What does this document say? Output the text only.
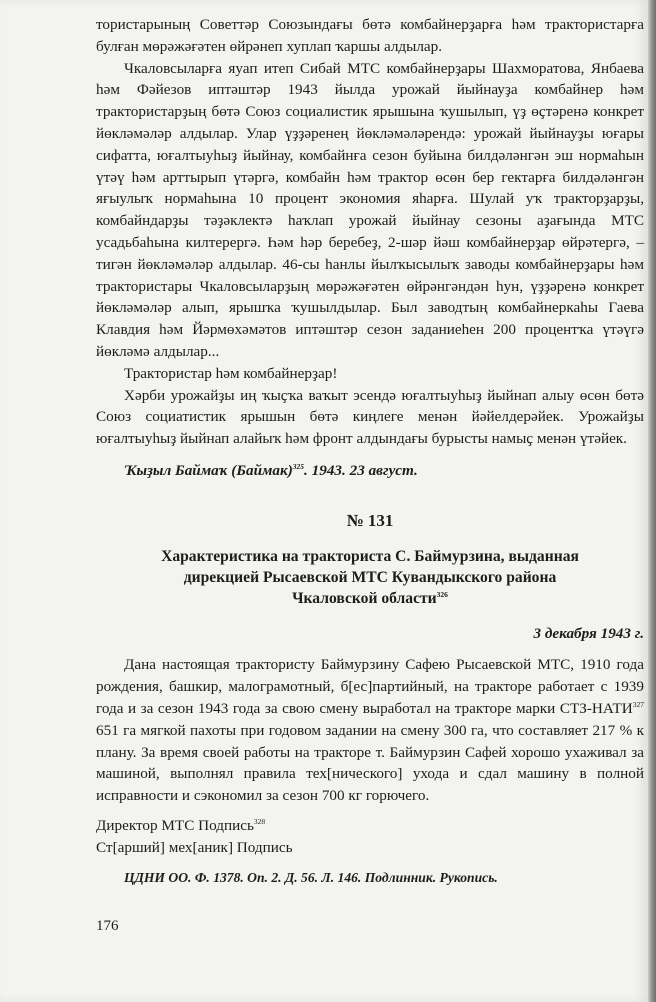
тористарының Советтәр Союзындағы бөтә комбайнерҙарға һәм трактористарға булған мөрәжәғәтен өйрәнеп хуплап ҡаршы алдылар.

Чкаловсыларға яуап итеп Сибай МТС комбайнерҙары Шахморатова, Янбаева һәм Фәйезов иптәштәр 1943 йылда урожай йыйнауҙа комбайнер һәм трактористарҙың бөтә Союз социалистик ярышына ҡушылып, үҙ өҫтәренә конкрет йөкләмәләр алдылар. Улар үҙҙәренең йөкләмәләрендә: урожай йыйнауҙы юғары сифатта, юғалтыуһыҙ йыйнау, комбайнға сезон буйына билдәләнгән эш нормаһын үтәү һәм арттырып үтәргә, комбайн һәм трактор өсөн бер гектарға билдәләнгән яғыулыҡ нормаһына 10 процент экономия яһарға. Шулай уҡ тракторҙарҙы, комбайндарҙы тәҙәклектә һаҡлап урожай йыйнау сезоны аҙағында МТС усадьбаһына килтерергә. Һәм һәр беребеҙ, 2-шәр йәш комбайнерҙар өйрәтергә, – тигән йөкләмәләр алдылар. 46-сы һанлы йылҡысылыҡ заводы комбайнерҙары һәм трактористары Чкаловсыларҙың мөрәжәғәтен өйрәнгәндән һун, үҙҙәренә конкрет йөкләмәләр алып, ярышҡа ҡушылдылар. Был заводтың комбайнеркаһы Гаева Клавдия һәм Йәрмөхәмәтов иптәштәр сезон заданиеhен 200 процентҡа үтәүгә йөкләмә алдылар...

Трактористар һәм комбайнерҙар!

Хәрби урожайҙы иң ҡыҫҡа ваҡыт эсендә юғалтыуһыҙ йыйнап алыу өсөн бөтә Союз социатистик ярышын бөтә киңлеге менән йәйелдерәйек. Урожайҙы юғалтыуһыҙ йыйнап алайыҡ һәм фронт алдындағы бурысты намыҫ менән үтәйек.

Ҡыҙыл Баймаҡ (Баймак)$^{325}$. 1943. 23 август.

№ 131
Характеристика на тракториста С. Баймурзина, выданная
дирекцией Рысаевской МТС Кувандыкского района
Чкаловской области$^{326}$
3 декабря 1943 г.

Дана настоящая трактористу Баймурзину Сафею Рысаевской МТС, 1910 года рождения, башкир, малограмотный, б[ес]партийный, на тракторе работает с 1939 года и за сезон 1943 года за свою смену выработал на тракторе марки СТЗ-НАТИ$^{327}$ 651 га мягкой пахоты при годовом задании на смену 300 га, что составляет 217 % к плану. За время своей работы на тракторе т. Баймурзин Сафей хорошо ухаживал за машиной, выполнял правила тех[нического] ухода и сдал машину в полной исправности и сэкономил за сезон 700 кг горючего.

Директор МТС Подпись$^{328}$

Ст[арший] мех[аник] Подпись

ЦДНИ ОО. Ф. 1378. Оп. 2. Д. 56. Л. 146. Подлинник. Рукопись.

176
